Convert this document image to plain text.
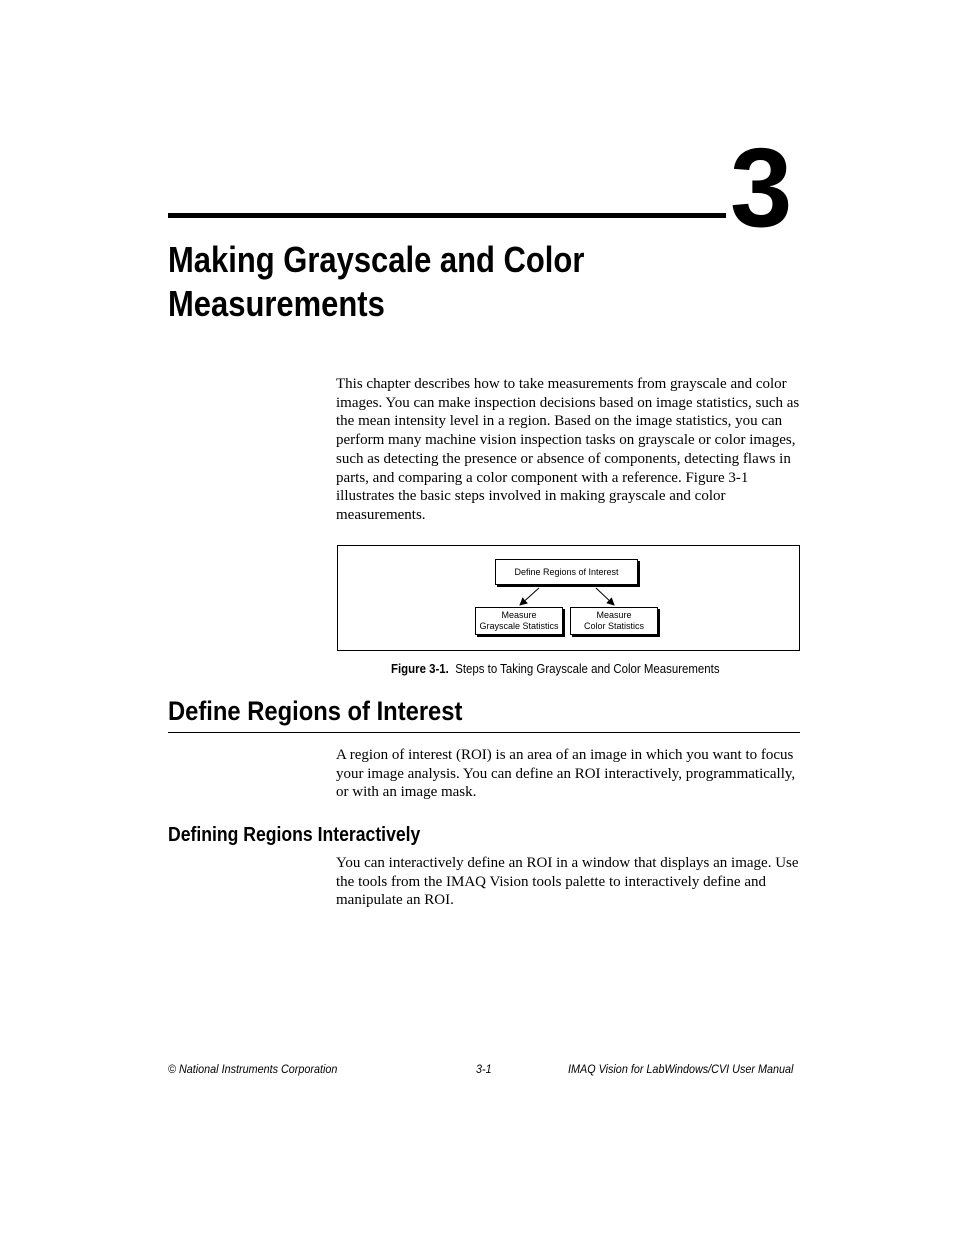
3
Making Grayscale and Color
Measurements
This chapter describes how to take measurements from grayscale and color images. You can make inspection decisions based on image statistics, such as the mean intensity level in a region. Based on the image statistics, you can perform many machine vision inspection tasks on grayscale or color images, such as detecting the presence or absence of components, detecting flaws in parts, and comparing a color component with a reference. Figure 3-1 illustrates the basic steps involved in making grayscale and color measurements.
Define Regions of Interest
Measure
Grayscale Statistics
Measure
Color Statistics
Figure 3-1. Steps to Taking Grayscale and Color Measurements
Define Regions of Interest
A region of interest (ROI) is an area of an image in which you want to focus your image analysis. You can define an ROI interactively, programmatically, or with an image mask.
Defining Regions Interactively
You can interactively define an ROI in a window that displays an image. Use the tools from the IMAQ Vision tools palette to interactively define and manipulate an ROI.
© National Instruments Corporation	3-1	IMAQ Vision for LabWindows/CVI User Manual
